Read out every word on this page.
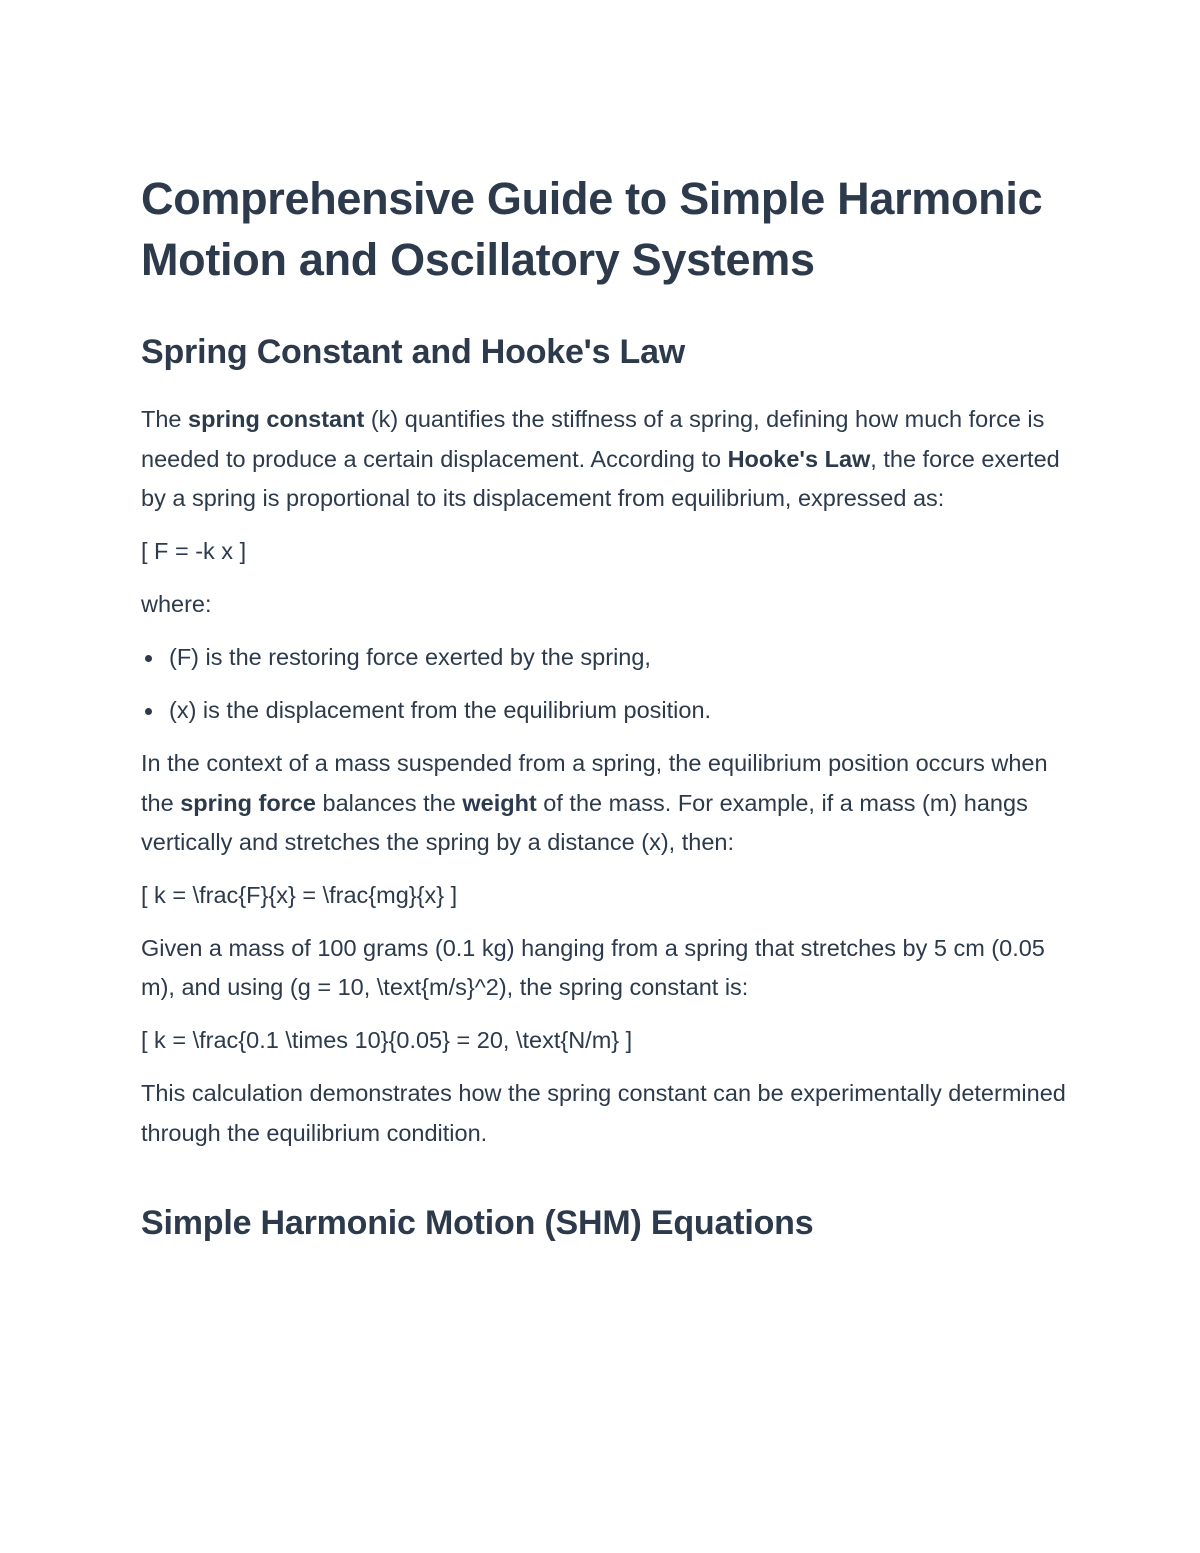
Comprehensive Guide to Simple Harmonic Motion and Oscillatory Systems
Spring Constant and Hooke's Law

The spring constant (k) quantifies the stiffness of a spring, defining how much force is needed to produce a certain displacement. According to Hooke's Law, the force exerted by a spring is proportional to its displacement from equilibrium, expressed as:

[ F = -k x ]

where:

(F) is the restoring force exerted by the spring,
(x) is the displacement from the equilibrium position.

In the context of a mass suspended from a spring, the equilibrium position occurs when the spring force balances the weight of the mass. For example, if a mass (m) hangs vertically and stretches the spring by a distance (x), then:

[ k = \frac{F}{x} = \frac{mg}{x} ]

Given a mass of 100 grams (0.1 kg) hanging from a spring that stretches by 5 cm (0.05 m), and using (g = 10, \text{m/s}^2), the spring constant is:

[ k = \frac{0.1 \times 10}{0.05} = 20, \text{N/m} ]

This calculation demonstrates how the spring constant can be experimentally determined through the equilibrium condition.

Simple Harmonic Motion (SHM) Equations
